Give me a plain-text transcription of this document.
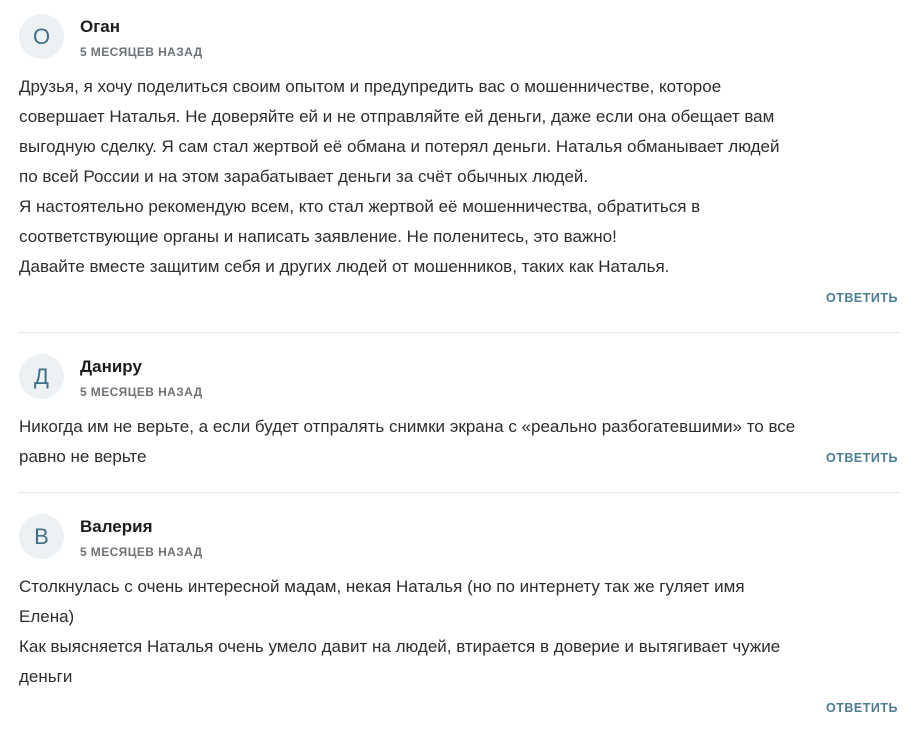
О	Оган
5 МЕСЯЦЕВ НАЗАД

Друзья, я хочу поделиться своим опытом и предупредить вас о мошенничестве, которое совершает Наталья. Не доверяйте ей и не отправляйте ей деньги, даже если она обещает вам выгодную сделку. Я сам стал жертвой её обмана и потерял деньги. Наталья обманывает людей по всей России и на этом зарабатывает деньги за счёт обычных людей.

Я настоятельно рекомендую всем, кто стал жертвой её мошенничества, обратиться в соответствующие органы и написать заявление. Не поленитесь, это важно!

Давайте вместе защитим себя и других людей от мошенников, таких как Наталья.

ОТВЕТИТЬ
Д	Даниру
5 МЕСЯЦЕВ НАЗАД

Никогда им не верьте, а если будет отпралять снимки экрана с «реально разбогатевшими» то все равно не верьте	ОТВЕТИТЬ
В	Валерия
5 МЕСЯЦЕВ НАЗАД

Столкнулась с очень интересной мадам, некая Наталья (но по интернету так же гуляет имя Елена)

Как выясняется Наталья очень умело давит на людей, втирается в доверие и вытягивает чужие деньги

ОТВЕТИТЬ
